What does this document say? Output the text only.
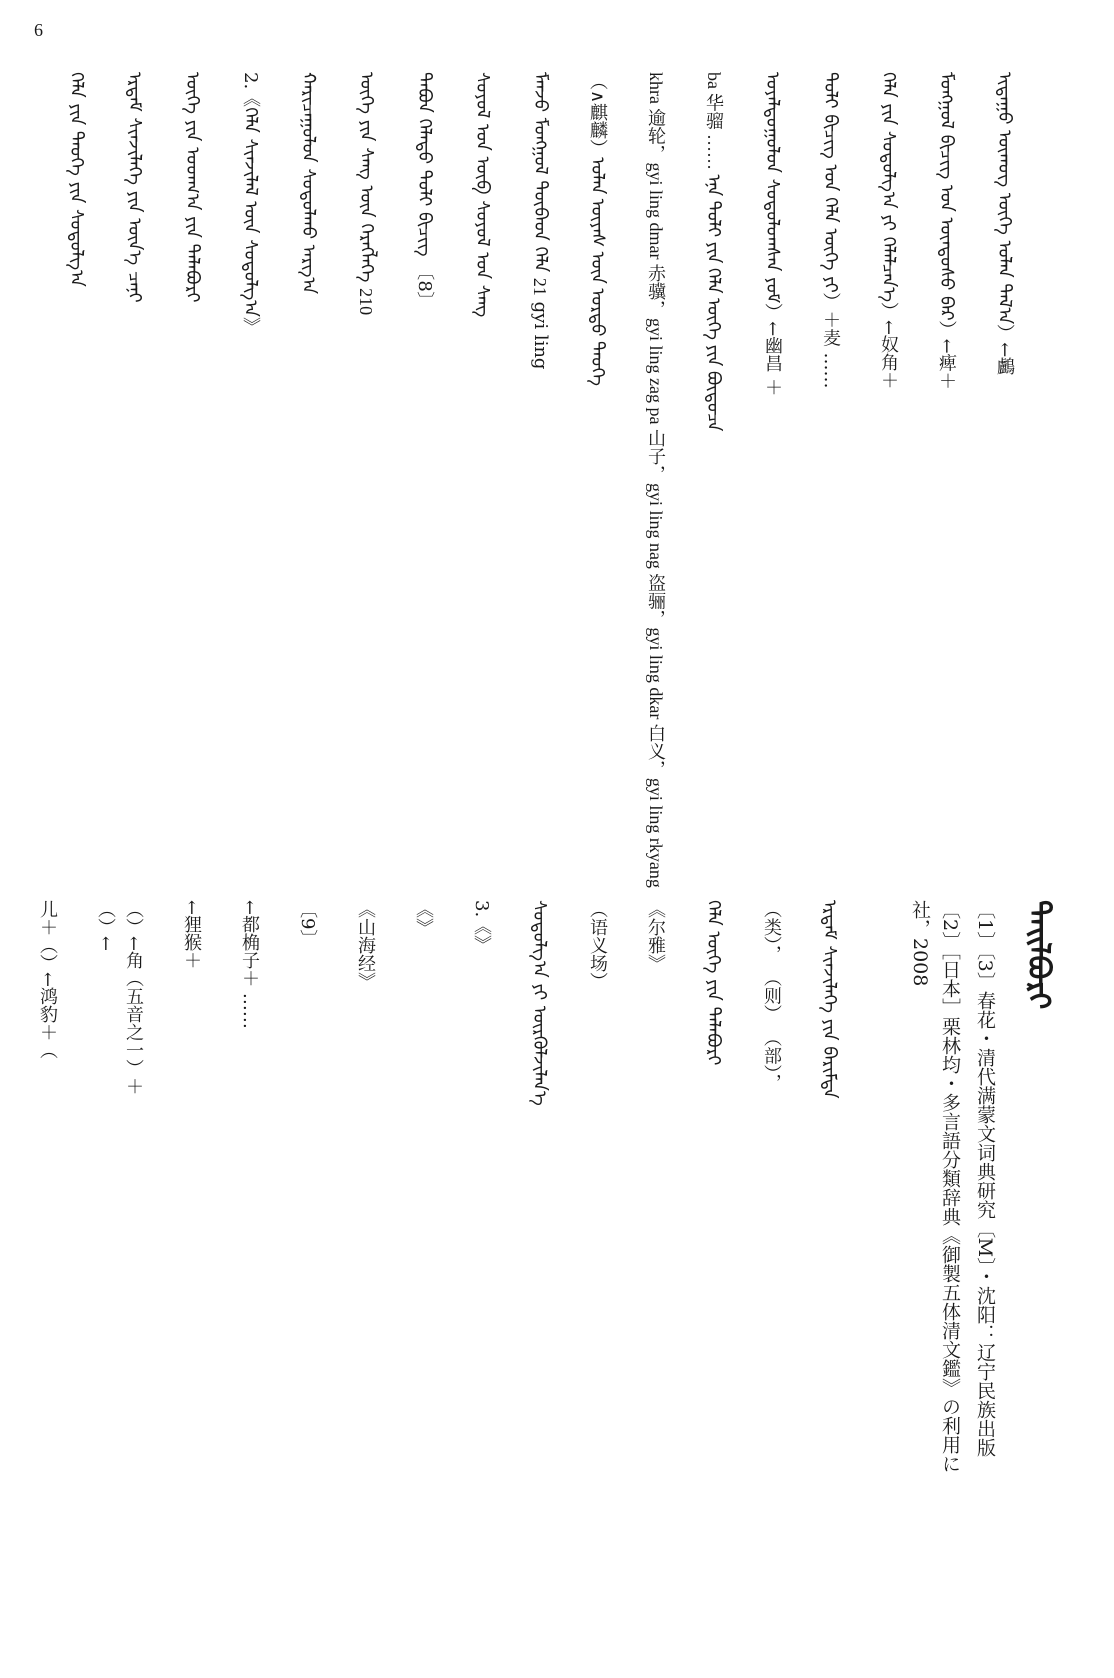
6
ᠢᠲᠠᠭᠤ ᠦᠬᠤᠭ᠌ ᠦᠭᠡ ᠣᠯᠠᠨ ᠲᠠᠯ᠎ᠠ）←鸕
ᠮᠣᠩᠭᠣᠯ ᠪᠢᠴᠢᠭ᠌ ᠤᠨ ᠦᠨᠳᠦᠰᠦ ᠪᠠᠷ）←痺＋
ᠬᠡᠯᠡ ᠶᠢᠨ ᠰᠤᠳᠤᠯᠭ᠎ᠠ ᠶᠢ ᠬᠡᠯᠡᠯᠴᠡᠨ᠎ᠡ）←奴角＋
ᠲᠣᠯᠢ ᠪᠢᠴᠢᠭ᠌ ᠤᠨ ᠬᠡᠯᠡ ᠦᠭᠡ ᠶᠢ）＋麦 ……
ᠤᠶᠠᠯᠳᠤᠭᠤᠯᠤᠨ ᠰᠤᠳᠤᠯᠤᠭᠰᠠᠨ ᠶᠤᠮ）←幽昌 ＋
ba 华骝 …… ᠡᠨᠡ ᠲᠣᠯᠢ ᠶᠢᠨ ᠬᠡᠯᠡ ᠦᠭᠡ ᠶᠢᠨ ᠪᠦᠲᠦᠴᠡ
khra 逾轮，gyi ling dmar 赤骥，gyi ling zag pa 山子，gyi ling nag 盗骊，gyi ling dkar 白义，gyi ling rkyang
（∧麒麟）ᠣᠯᠠᠨ ᠦᠶᠡᠰ ᠦᠨ ᠤᠷᠲᠤ ᠲᠡᠦᠬᠡ
ᠮᠠᠨᠵᠤ ᠮᠣᠩᠭᠣᠯ ᠲᠥᠪᠡᠳ ᠬᠡᠯᠡ 21 gyi ling
ᠰᠣᠶᠣᠯ ᠤᠨ ᠥᠪ ᠰᠣᠶᠣᠯ ᠤᠨ ᠰᠠᠩ
ᠲᠠᠪᠤᠨ ᠬᠡᠯᠡᠲᠦ ᠲᠣᠯᠢ ᠪᠢᠴᠢᠭ᠌ 〔8〕
ᠦᠭᠡ ᠶᠢᠨ ᠰᠠᠩ ᠦᠨ ᠬᠡᠷᠡᠭᠯᠡᠭᠡ 210
ᠬᠠᠷᠢᠴᠠᠭᠤᠯᠤᠨ ᠰᠤᠳᠤᠯᠬᠤ ᠠᠷᠭ᠎ᠠ
2.《ᠬᠡᠯᠡ ᠰᠢᠨᠵᠢᠯᠡᠯ ᠦᠨ ᠰᠤᠳᠤᠯᠭ᠎ᠠ》
ᠦᠭᠡ ᠶᠢᠨ ᠤᠳᠬ᠎ᠠ ᠶᠢᠨ ᠲᠠᠯᠠᠪᠤᠷᠢ
ᠡᠷᠳᠡᠮ ᠰᠢᠨᠵᠢᠯᠡᠭᠡ ᠶᠢᠨ ᠦᠨ᠎ᠡ ᠴᠡᠨᠢ
ᠬᠡᠯᠡ ᠶᠢᠨ ᠲᠡᠦᠬᠡ ᠶᠢᠨ ᠰᠤᠳᠤᠯᠭ᠎ᠠ
ᠲᠠᠢᠯᠪᠤᠷᠢ
〔2〕［日本］栗林均・多言語分類辞典《御製五体清文鑑》の利用に
社，2008 〔1〕〔3〕春花・清代满蒙文词典研究〔M〕・沈阳：辽宁民族出版
ᠡᠷᠳᠡᠮ ᠰᠢᠨᠵᠢᠯᠡᠭᠡ ᠶᠢᠨ ᠪᠠᠷᠢᠮᠲᠠ
（类）， （则） （部），
ᠬᠡᠯᠡ ᠦᠭᠡ ᠶᠢᠨ ᠲᠠᠯᠠᠪᠤᠷᠢ
《尔雅》
（语义场）
ᠰᠤᠳᠤᠯᠭ᠎ᠠ ᠶᠢ ᠦᠷᠭᠦᠯᠵᠢᠯᠡᠨ᠎ᠡ
3.《》
《》
《山海经》
〔9〕
←都桷子＋ ……
←狸猴＋
（）←角（五音之一）＋
（）←
儿＋（）←鸿豹＋（
